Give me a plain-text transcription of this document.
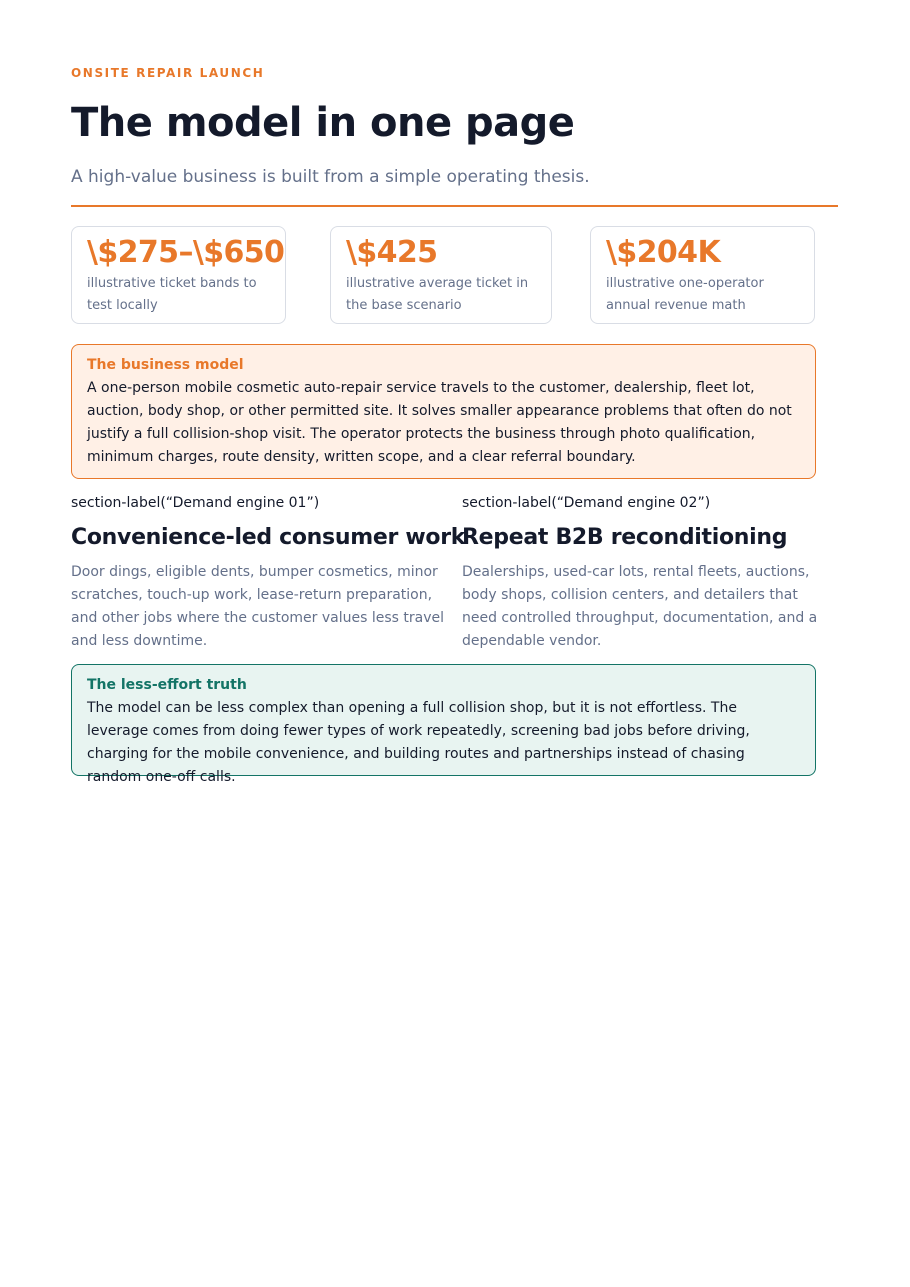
ONSITE REPAIR LAUNCH
The model in one page
A high-value business is built from a simple operating thesis.
\$275–\$650
illustrative ticket bands to test locally
\$425
illustrative average ticket in the base scenario
\$204K
illustrative one-operator annual revenue math
The business model
A one-person mobile cosmetic auto-repair service travels to the customer, dealership, fleet lot, auction, body shop, or other permitted site. It solves smaller appearance problems that often do not justify a full collision-shop visit. The operator protects the business through photo qualification, minimum charges, route density, written scope, and a clear referral boundary.
section-label(“Demand engine 01”)
Convenience-led consumer work
Door dings, eligible dents, bumper cosmetics, minor scratches, touch-up work, lease-return preparation, and other jobs where the customer values less travel and less downtime.
section-label(“Demand engine 02”)
Repeat B2B reconditioning
Dealerships, used-car lots, rental fleets, auctions, body shops, collision centers, and detailers that need controlled throughput, documentation, and a dependable vendor.
The less-effort truth
The model can be less complex than opening a full collision shop, but it is not effortless. The leverage comes from doing fewer types of work repeatedly, screening bad jobs before driving, charging for the mobile convenience, and building routes and partnerships instead of chasing random one-off calls.
